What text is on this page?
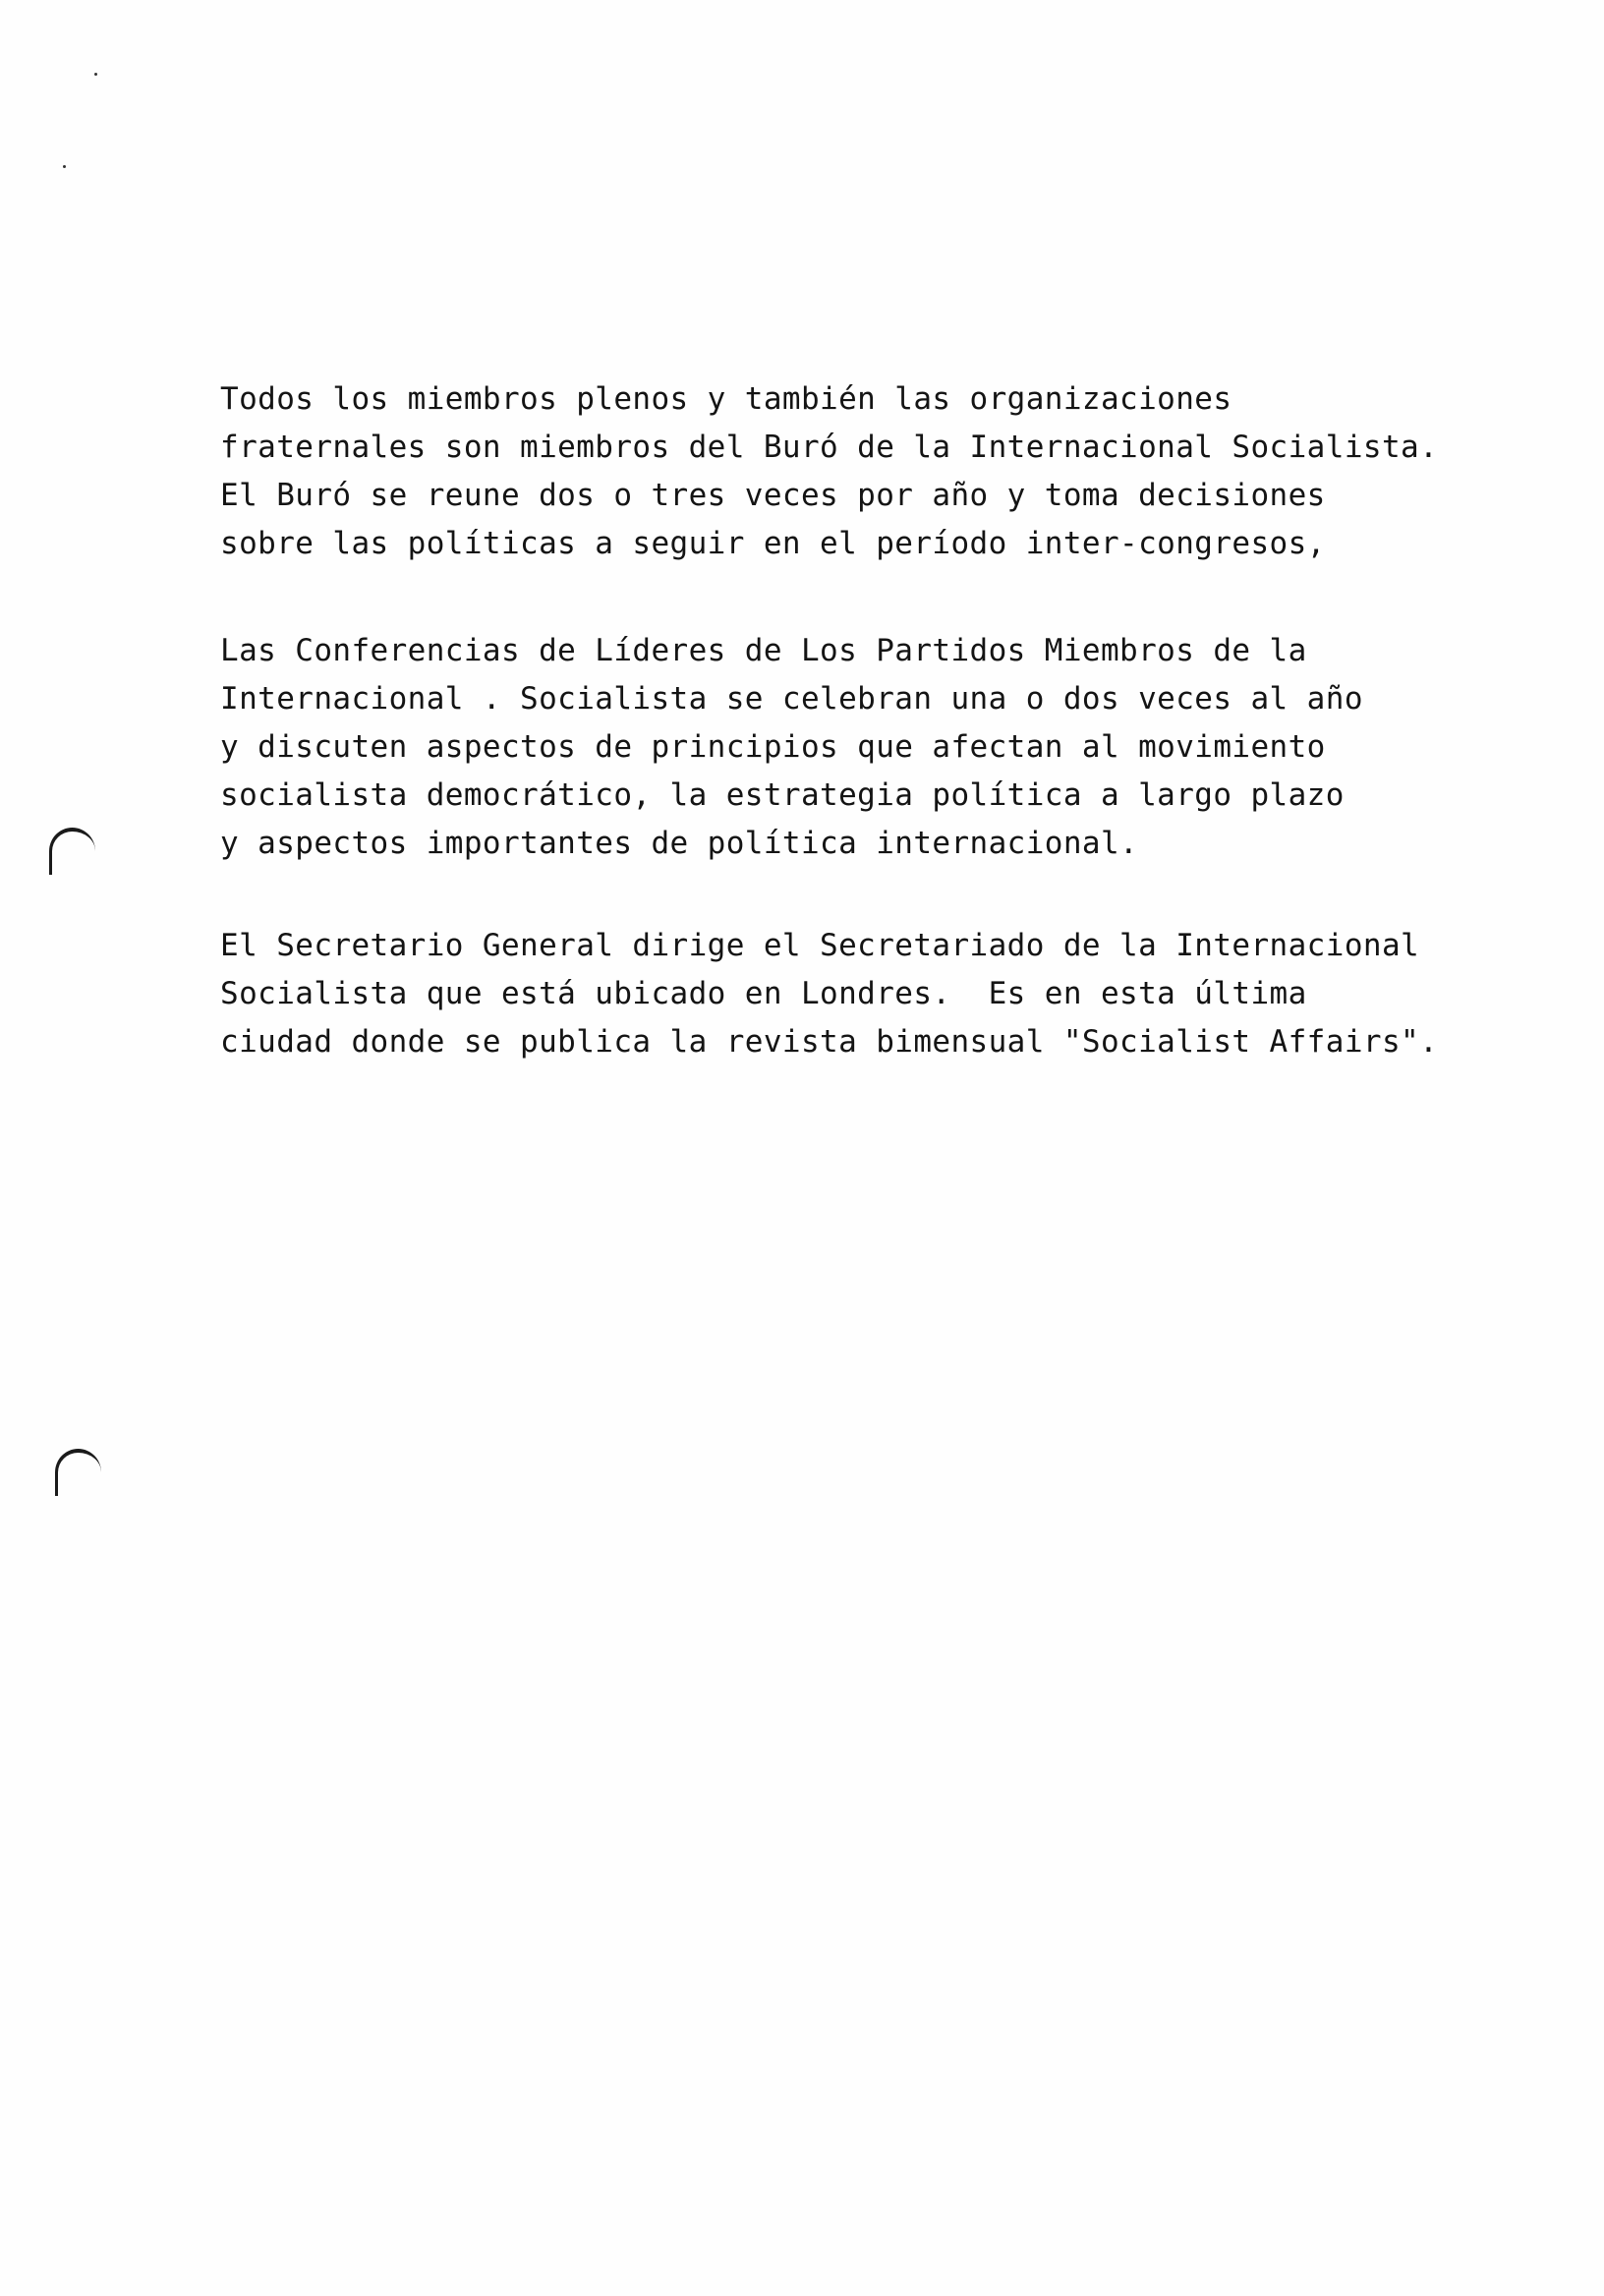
Todos los miembros plenos y también las organizaciones
fraternales son miembros del Buró de la Internacional Socialista.
El Buró se reune dos o tres veces por año y toma decisiones
sobre las políticas a seguir en el período inter-congresos,
Las Conferencias de Líderes de Los Partidos Miembros de la
Internacional . Socialista se celebran una o dos veces al año
y discuten aspectos de principios que afectan al movimiento
socialista democrático, la estrategia política a largo plazo
y aspectos importantes de política internacional.
El Secretario General dirige el Secretariado de la Internacional
Socialista que está ubicado en Londres.  Es en esta última
ciudad donde se publica la revista bimensual "Socialist Affairs".
